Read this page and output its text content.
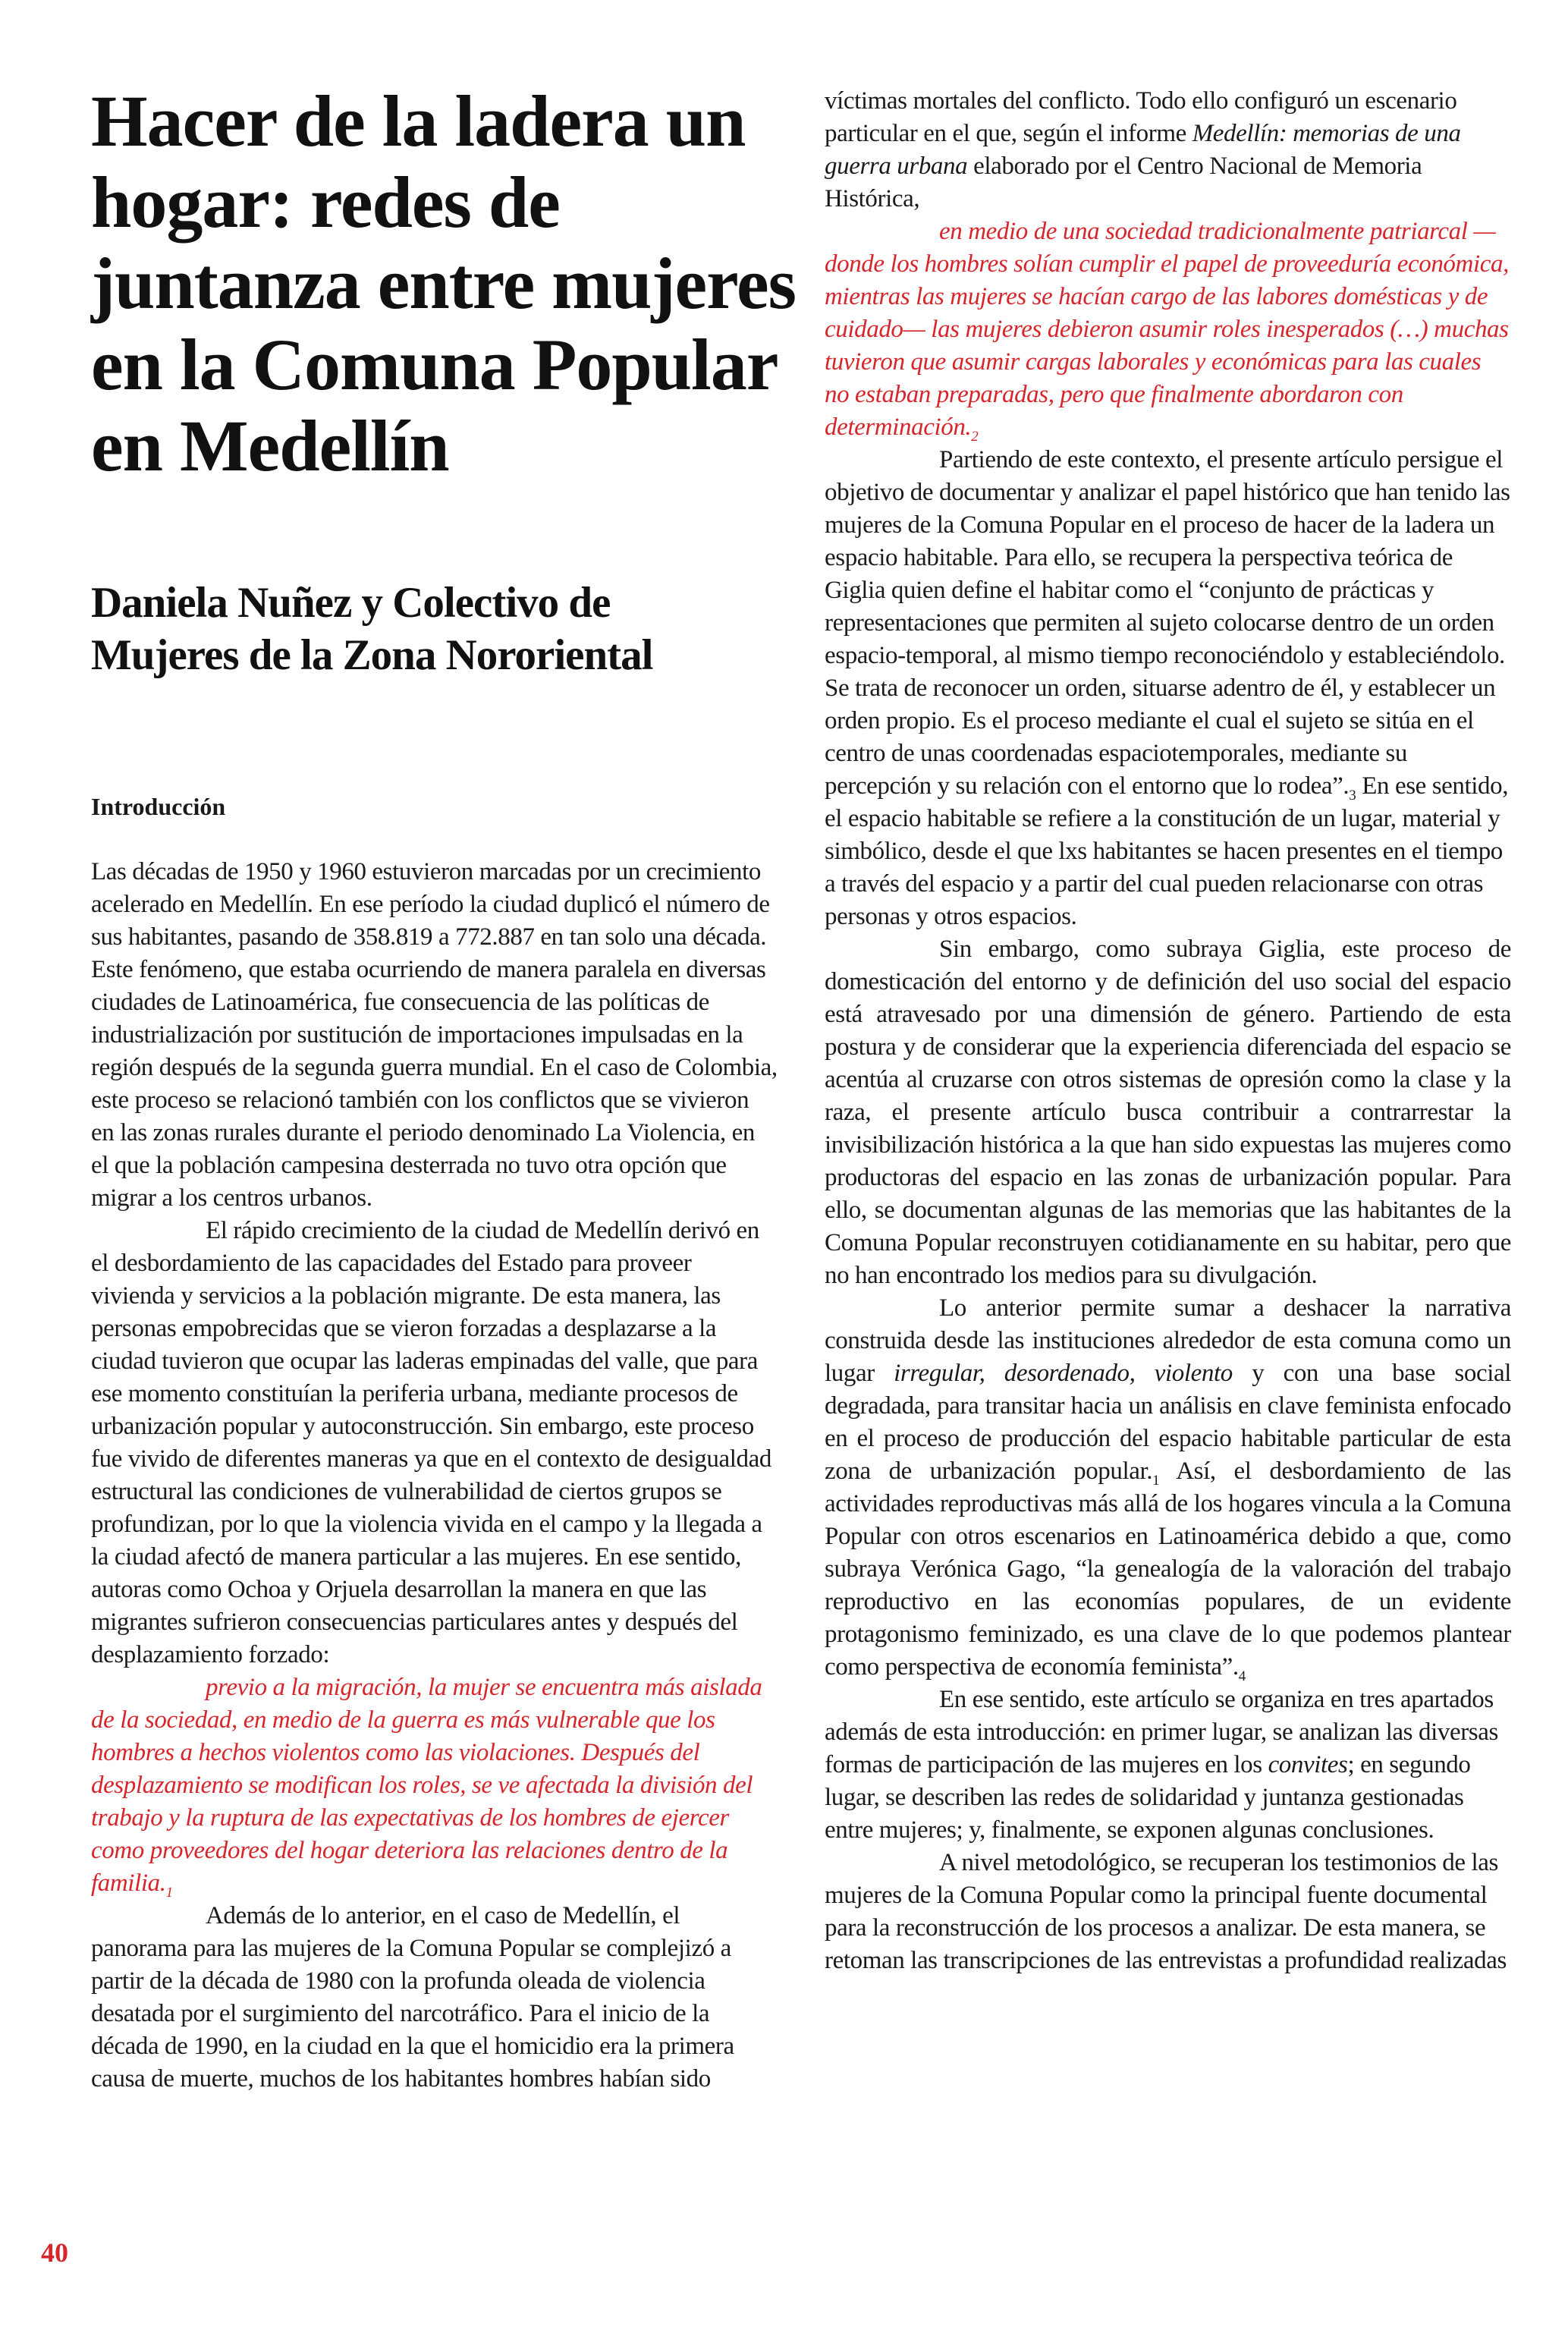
Hacer de la ladera un hogar: redes de juntanza entre mujeres en la Comuna Popular en Medellín
Daniela Nuñez y Colectivo de Mujeres de la Zona Nororiental
Introducción

Las décadas de 1950 y 1960 estuvieron marcadas por un crecimiento acelerado en Medellín. En ese período la ciudad duplicó el número de sus habitantes, pasando de 358.819 a 772.887 en tan solo una década. Este fenómeno, que estaba ocurriendo de manera paralela en diversas ciudades de Latinoamérica, fue consecuencia de las políticas de industrialización por sustitución de importaciones impulsadas en la región después de la segunda guerra mundial. En el caso de Colombia, este proceso se relacionó también con los conflictos que se vivieron en las zonas rurales durante el periodo denominado La Violencia, en el que la población campesina desterrada no tuvo otra opción que migrar a los centros urbanos.

El rápido crecimiento de la ciudad de Medellín derivó en el desbordamiento de las capacidades del Estado para proveer vivienda y servicios a la población migrante. De esta manera, las personas empobrecidas que se vieron forzadas a desplazarse a la ciudad tuvieron que ocupar las laderas empinadas del valle, que para ese momento constituían la periferia urbana, mediante procesos de urbanización popular y autoconstrucción. Sin embargo, este proceso fue vivido de diferentes maneras ya que en el contexto de desigualdad estructural las condiciones de vulnerabilidad de ciertos grupos se profundizan, por lo que la violencia vivida en el campo y la llegada a la ciudad afectó de manera particular a las mujeres. En ese sentido, autoras como Ochoa y Orjuela desarrollan la manera en que las migrantes sufrieron consecuencias particulares antes y después del desplazamiento forzado:

previo a la migración, la mujer se encuentra más aislada de la sociedad, en medio de la guerra es más vulnerable que los hombres a hechos violentos como las violaciones. Después del desplazamiento se modifican los roles, se ve afectada la división del trabajo y la ruptura de las expectativas de los hombres de ejercer como proveedores del hogar deteriora las relaciones dentro de la $familia._1$

Además de lo anterior, en el caso de Medellín, el panorama para las mujeres de la Comuna Popular se complejizó a partir de la década de 1980 con la profunda oleada de violencia desatada por el surgimiento del narcotráfico. Para el inicio de la década de 1990, en la ciudad en la que el homicidio era la primera causa de muerte, muchos de los habitantes hombres habían sido

víctimas mortales del conflicto. Todo ello configuró un escenario particular en el que, según el informe Medellín: memorias de una guerra urbana elaborado por el Centro Nacional de Memoria Histórica,

en medio de una sociedad tradicionalmente patriarcal —donde los hombres solían cumplir el papel de proveeduría económica, mientras las mujeres se hacían cargo de las labores domésticas y de cuidado— las mujeres debieron asumir roles inesperados (…) muchas tuvieron que asumir cargas laborales y económicas para las cuales no estaban preparadas, pero que finalmente abordaron con $determinación._2$

Partiendo de este contexto, el presente artículo persigue el objetivo de documentar y analizar el papel histórico que han tenido las mujeres de la Comuna Popular en el proceso de hacer de la ladera un espacio habitable. Para ello, se recupera la perspectiva teórica de Giglia quien define el habitar como el “conjunto de prácticas y representaciones que permiten al sujeto colocarse dentro de un orden espacio-temporal, al mismo tiempo reconociéndolo y estableciéndolo. Se trata de reconocer un orden, situarse adentro de él, y establecer un orden propio. Es el proceso mediante el cual el sujeto se sitúa en el centro de unas coordenadas espaciotemporales, mediante su percepción y su relación con el entorno que lo $rodea”._3$ En ese sentido, el espacio habitable se refiere a la constitución de un lugar, material y simbólico, desde el que lxs habitantes se hacen presentes en el tiempo a través del espacio y a partir del cual pueden relacionarse con otras personas y otros espacios.

Sin embargo, como subraya Giglia, este proceso de domesticación del entorno y de definición del uso social del espacio está atravesado por una dimensión de género. Partiendo de esta postura y de considerar que la experiencia diferenciada del espacio se acentúa al cruzarse con otros sistemas de opresión como la clase y la raza, el presente artículo busca contribuir a contrarrestar la invisibilización histórica a la que han sido expuestas las mujeres como productoras del espacio en las zonas de urbanización popular. Para ello, se documentan algunas de las memorias que las habitantes de la Comuna Popular reconstruyen cotidianamente en su habitar, pero que no han encontrado los medios para su divulgación.

Lo anterior permite sumar a deshacer la narrativa construida desde las instituciones alrededor de esta comuna como un lugar irregular, desordenado, violento y con una base social degradada, para transitar hacia un análisis en clave feminista enfocado en el proceso de producción del espacio habitable particular de esta zona de urbanización $popular._1$ Así, el desbordamiento de las actividades reproductivas más allá de los hogares vincula a la Comuna Popular con otros escenarios en Latinoamérica debido a que, como subraya Verónica Gago, “la genealogía de la valoración del trabajo reproductivo en las economías populares, de un evidente protagonismo feminizado, es una clave de lo que podemos plantear como perspectiva de economía $feminista”._4$

En ese sentido, este artículo se organiza en tres apartados además de esta introducción: en primer lugar, se analizan las diversas formas de participación de las mujeres en los convites; en segundo lugar, se describen las redes de solidaridad y juntanza gestionadas entre mujeres; y, finalmente, se exponen algunas conclusiones.

A nivel metodológico, se recuperan los testimonios de las mujeres de la Comuna Popular como la principal fuente documental para la reconstrucción de los procesos a analizar. De esta manera, se retoman las transcripciones de las entrevistas a profundidad realizadas

40
